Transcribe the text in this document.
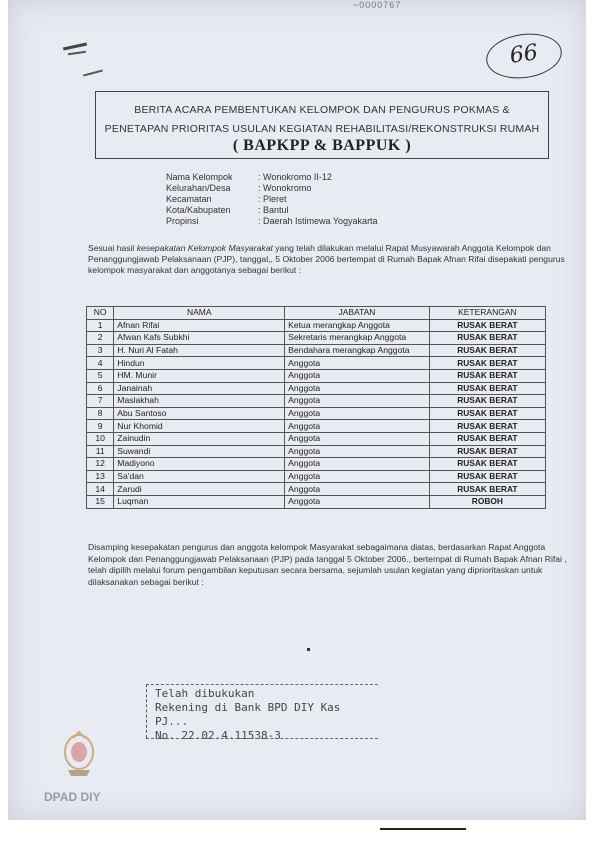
~0000767
66
BERITA ACARA PEMBENTUKAN KELOMPOK DAN PENGURUS POKMAS &
PENETAPAN PRIORITAS USULAN KEGIATAN REHABILITASI/REKONSTRUKSI RUMAH
( BAPKPP & BAPPUK )
Nama Kelompok	: Wonokromo II-12
Kelurahan/Desa	: Wonokromo
Kecamatan	: Pleret
Kota/Kabupaten	: Bantul
Propinsi	: Daerah Istimewa Yogyakarta
Sesuai hasil kesepakatan Kelompok Masyarakat yang telah dilakukan melalui Rapat Musyawarah Anggota Kelompok dan Penanggungjawab Pelaksanaan (PJP), tanggal,, 5 Oktober 2006 bertempat di Rumah Bapak Afnan Rifai disepakati pengurus kelompok masyarakat dan anggotanya sebagai berikut :
NO	NAMA	JABATAN	KETERANGAN
1	Afnan Rifai	Ketua merangkap Anggota	RUSAK BERAT
2	Afwan Kafs Subkhi	Sekretaris merangkap Anggota	RUSAK BERAT
3	H. Nuri Al Fatah	Bendahara merangkap Anggota	RUSAK BERAT
4	Hindun	Anggota	RUSAK BERAT
5	HM. Munir	Anggota	RUSAK BERAT
6	Janainah	Anggota	RUSAK BERAT
7	Maslakhah	Anggota	RUSAK BERAT
8	Abu Santoso	Anggota	RUSAK BERAT
9	Nur Khomid	Anggota	RUSAK BERAT
10	Zainudin	Anggota	RUSAK BERAT
11	Suwandi	Anggota	RUSAK BERAT
12	Madiyono	Anggota	RUSAK BERAT
13	Sa'dan	Anggota	RUSAK BERAT
14	Zarudi	Anggota	RUSAK BERAT
15	Luqman	Anggota	ROBOH
Disamping kesepakatan pengurus dan anggota kelompok Masyarakat sebagaimana diatas, berdasarkan Rapat Anggota Kelompok dan Penanggungjawab Pelaksanaan (PJP) pada tanggal 5 Oktober 2006., bertempat di Rumah Bapak Afnan Rifai , telah dipilih melalui forum pengambilan keputusan secara bersama, sejumlah usulan kegiatan yang diprioritaskan untuk dilaksanakan sebagai berikut :
Telah dibukukan
Rekening di Bank BPD DIY Kas PJ...
No. 22.02.4.11538-3
DPAD DIY
